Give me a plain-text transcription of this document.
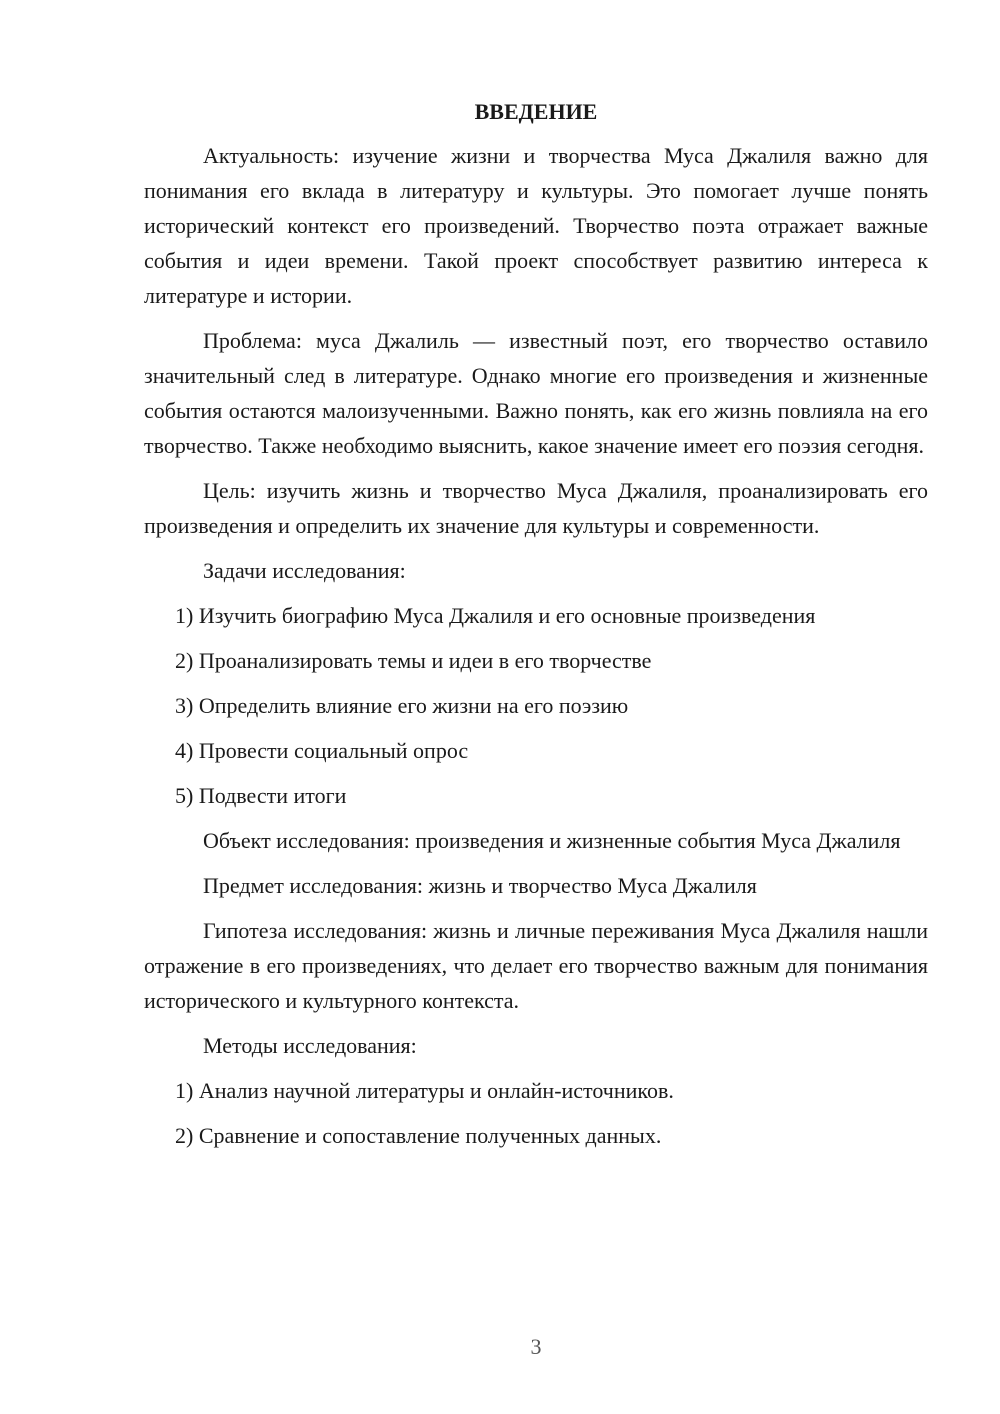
ВВЕДЕНИЕ

Актуальность: изучение жизни и творчества Муса Джалиля важно для понимания его вклада в литературу и культуры. Это помогает лучше понять исторический контекст его произведений. Творчество поэта отражает важные события и идеи времени. Такой проект способствует развитию интереса к литературе и истории.

Проблема: муса Джалиль — известный поэт, его творчество оставило значительный след в литературе. Однако многие его произведения и жизненные события остаются малоизученными. Важно понять, как его жизнь повлияла на его творчество. Также необходимо выяснить, какое значение имеет его поэзия сегодня.

Цель: изучить жизнь и творчество Муса Джалиля, проанализировать его произведения и определить их значение для культуры и современности.

Задачи исследования:

1) Изучить биографию Муса Джалиля и его основные произведения
2) Проанализировать темы и идеи в его творчестве
3) Определить влияние его жизни на его поэзию
4) Провести социальный опрос
5) Подвести итоги

Объект исследования: произведения и жизненные события Муса Джалиля

Предмет исследования: жизнь и творчество Муса Джалиля

Гипотеза исследования: жизнь и личные переживания Муса Джалиля нашли отражение в его произведениях, что делает его творчество важным для понимания исторического и культурного контекста.

Методы исследования:

1) Анализ научной литературы и онлайн-источников.
2) Сравнение и сопоставление полученных данных.
3
